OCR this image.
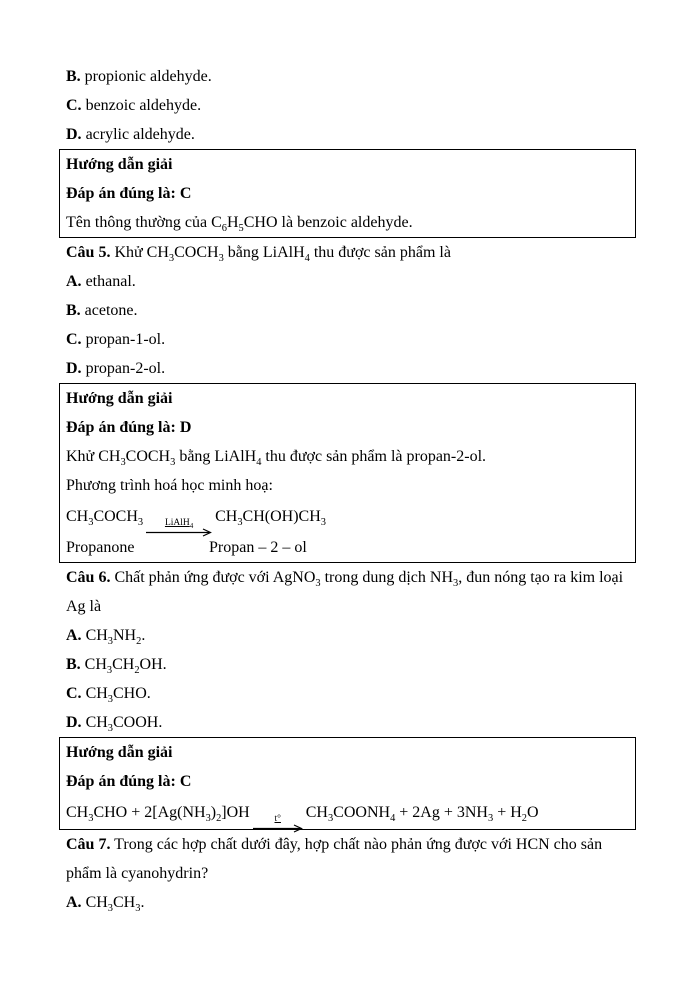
B. propionic aldehyde.

C. benzoic aldehyde.

D. acrylic aldehyde.

Hướng dẫn giải

Đáp án đúng là: C

Tên thông thường của $C_6H_5CHO$ là benzoic aldehyde.

Câu 5. Khử $CH_3COCH_3$ bằng LiAlH$_4$ thu được sản phẩm là

A. ethanal.

B. acetone.

C. propan-1-ol.

D. propan-2-ol.

Hướng dẫn giải

Đáp án đúng là: D

Khử $CH_3COCH_3$ bằng LiAlH$_4$ thu được sản phẩm là propan-2-ol.

Phương trình hoá học minh hoạ:

$CH_3COCH_3$ LiAlH$_4$
$CH_3CH(OH)CH_3$

Propanone	Propan – 2 – ol

Câu 6. Chất phản ứng được với AgNO$_3$ trong dung dịch $NH_3$, đun nóng tạo ra kim loại

Ag là

A. $CH_3NH_2$.

B. $CH_3CH_2OH$.

C. $CH_3CHO$.

D. $CH_3COOH$.

Hướng dẫn giải

Đáp án đúng là: C

$CH_3CHO + 2[Ag(NH_3)_2]OH$	t° $CH_3COONH_4 + 2Ag + 3NH_3 + H_2O$

Câu 7. Trong các hợp chất dưới đây, hợp chất nào phản ứng được với HCN cho sản

phẩm là cyanohydrin?

A. $CH_3CH_3$.
